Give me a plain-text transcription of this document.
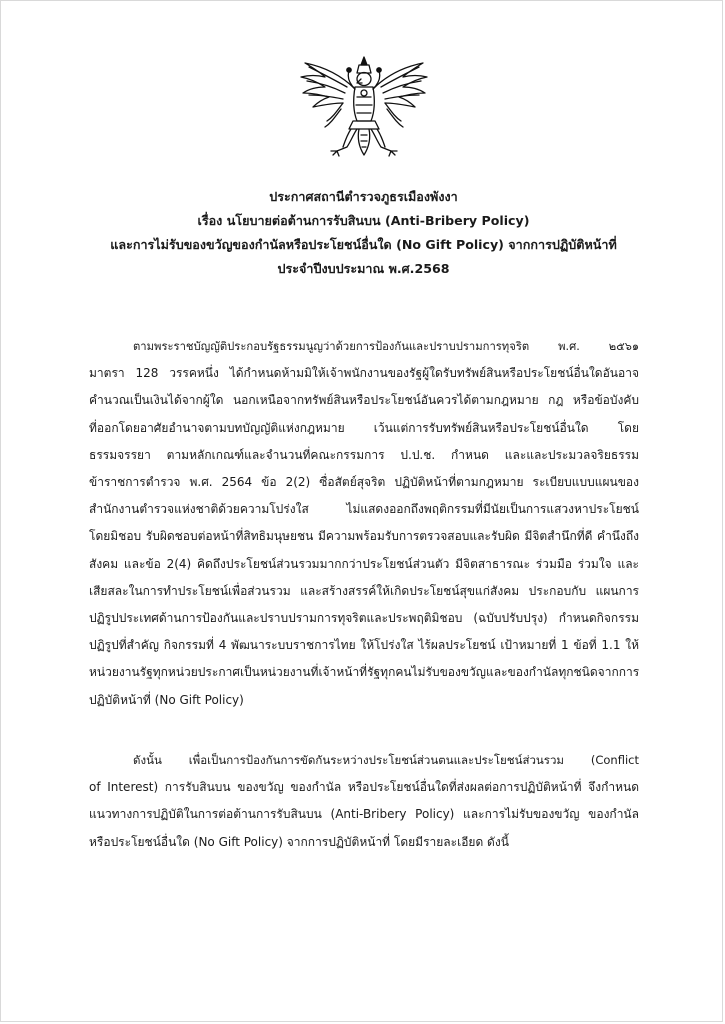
ประกาศสถานีตำรวจภูธรเมืองพังงา
เรื่อง นโยบายต่อต้านการรับสินบน (Anti-Bribery Policy)
และการไม่รับของขวัญของกำนัลหรือประโยชน์อื่นใด (No Gift Policy) จากการปฏิบัติหน้าที่
ประจำปีงบประมาณ พ.ศ.2568
ตามพระราชบัญญัติประกอบรัฐธรรมนูญว่าด้วยการป้องกันและปราบปรามการทุจริต พ.ศ. ๒๕๖๑
มาตรา 128 วรรคหนึ่ง ได้กำหนดห้ามมิให้เจ้าพนักงานของรัฐผู้ใดรับทรัพย์สินหรือประโยชน์อื่นใดอันอาจ
คำนวณเป็นเงินได้จากผู้ใด นอกเหนือจากทรัพย์สินหรือประโยชน์อันควรได้ตามกฎหมาย กฎ หรือข้อบังคับ
ที่ออกโดยอาศัยอำนาจตามบทบัญญัติแห่งกฎหมาย เว้นแต่การรับทรัพย์สินหรือประโยชน์อื่นใด โดย
ธรรมจรรยา ตามหลักเกณฑ์และจำนวนที่คณะกรรมการ ป.ป.ช. กำหนด และและประมวลจริยธรรม
ข้าราชการตำรวจ พ.ศ. 2564 ข้อ 2(2) ซื่อสัตย์สุจริต ปฏิบัติหน้าที่ตามกฎหมาย ระเบียบแบบแผนของ
สำนักงานตำรวจแห่งชาติด้วยความโปร่งใส ไม่แสดงออกถึงพฤติกรรมที่มีนัยเป็นการแสวงหาประโยชน์
โดยมิชอบ รับผิดชอบต่อหน้าที่สิทธิมนุษยชน มีความพร้อมรับการตรวจสอบและรับผิด มีจิตสำนึกที่ดี คำนึงถึง
สังคม และข้อ 2(4) คิดถึงประโยชน์ส่วนรวมมากกว่าประโยชน์ส่วนตัว มีจิตสาธารณะ ร่วมมือ ร่วมใจ และ
เสียสละในการทำประโยชน์เพื่อส่วนรวม และสร้างสรรค์ให้เกิดประโยชน์สุขแก่สังคม ประกอบกับ แผนการ
ปฏิรูปประเทศด้านการป้องกันและปราบปรามการทุจริตและประพฤติมิชอบ (ฉบับปรับปรุง) กำหนดกิจกรรม
ปฏิรูปที่สำคัญ กิจกรรมที่ 4 พัฒนาระบบราชการไทย ให้โปร่งใส ไร้ผลประโยชน์ เป้าหมายที่ 1 ข้อที่ 1.1 ให้
หน่วยงานรัฐทุกหน่วยประกาศเป็นหน่วยงานที่เจ้าหน้าที่รัฐทุกคนไม่รับของขวัญและของกำนัลทุกชนิดจากการ
ปฏิบัติหน้าที่ (No Gift Policy)
ดังนั้น เพื่อเป็นการป้องกันการขัดกันระหว่างประโยชน์ส่วนตนและประโยชน์ส่วนรวม (Conflict
of Interest) การรับสินบน ของขวัญ ของกำนัล หรือประโยชน์อื่นใดที่ส่งผลต่อการปฏิบัติหน้าที่ จึงกำหนด
แนวทางการปฏิบัติในการต่อต้านการรับสินบน (Anti-Bribery Policy) และการไม่รับของขวัญ ของกำนัล
หรือประโยชน์อื่นใด (No Gift Policy) จากการปฏิบัติหน้าที่ โดยมีรายละเอียด ดังนี้
